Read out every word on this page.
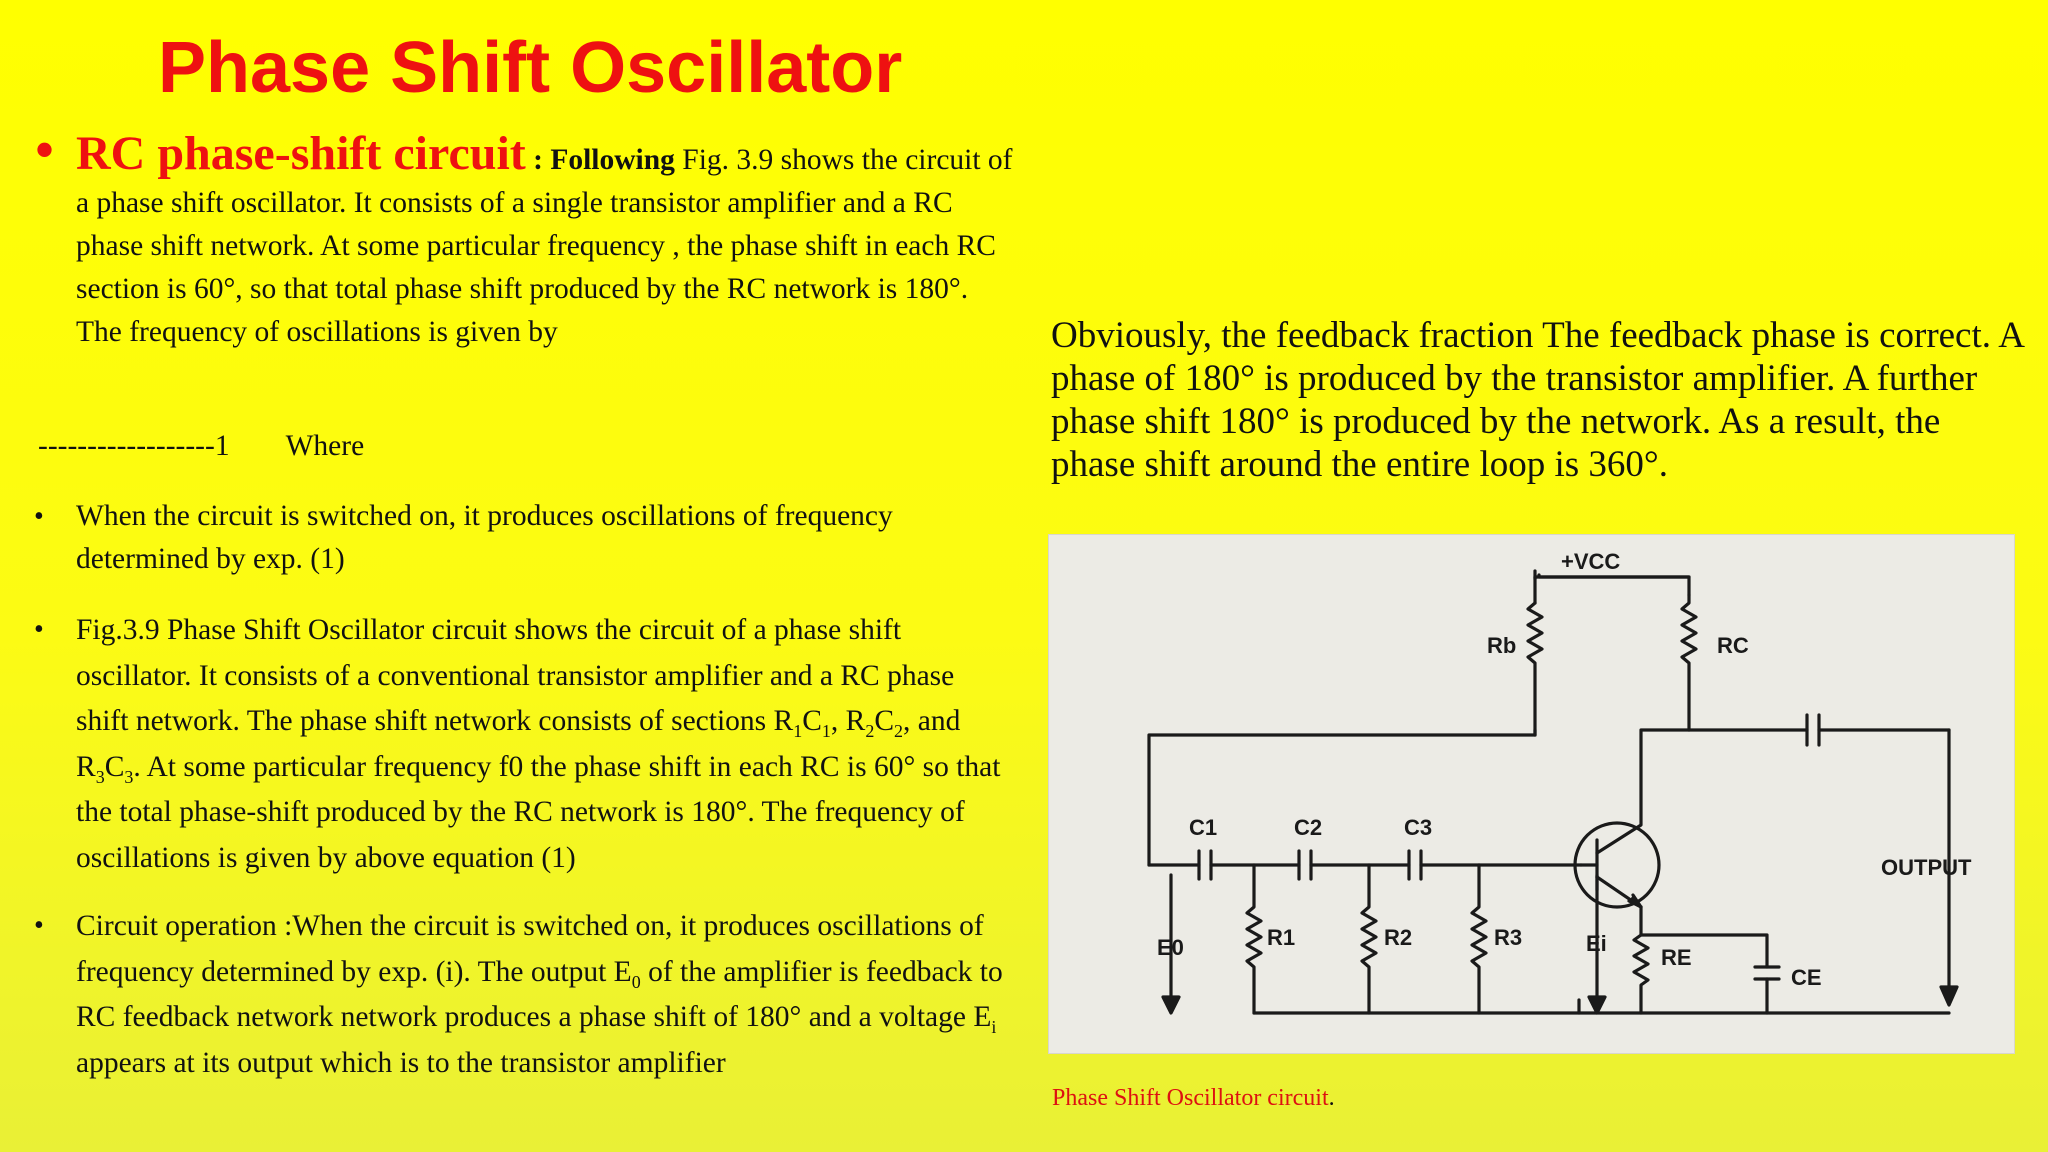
Phase Shift Oscillator
• RC phase-shift circuit : Following Fig. 3.9 shows the circuit of a phase shift oscillator. It consists of a single transistor amplifier and a RC phase shift network. At some particular frequency , the phase shift in each RC section is 60°, so that total phase shift produced by the RC network is 180°. The frequency of oscillations is given by
------------------1 Where
• When the circuit is switched on, it produces oscillations of frequency determined by exp. (1)
• Fig.3.9 Phase Shift Oscillator circuit shows the circuit of a phase shift oscillator. It consists of a conventional transistor amplifier and a RC phase shift network. The phase shift network consists of sections $R_1C_1$, $R_2C_2$, and $R_3C_3$. At some particular frequency f0 the phase shift in each RC is 60° so that the total phase-shift produced by the RC network is 180°. The frequency of oscillations is given by above equation (1)
• Circuit operation :When the circuit is switched on, it produces oscillations of frequency determined by exp. (i). The output $E_0$ of the amplifier is feedback to RC feedback network network produces a phase shift of 180° and a voltage $E_i$ appears at its output which is to the transistor amplifier
Obviously, the feedback fraction The feedback phase is correct. A phase of 180° is produced by the transistor amplifier. A further phase shift 180° is produced by the network. As a result, the phase shift around the entire loop is 360°.
+VCC
Rb	RC
C1	C2	C3
R1	R2	R3
RE
CE
E0	Ei
OUTPUT
Phase Shift Oscillator circuit.
